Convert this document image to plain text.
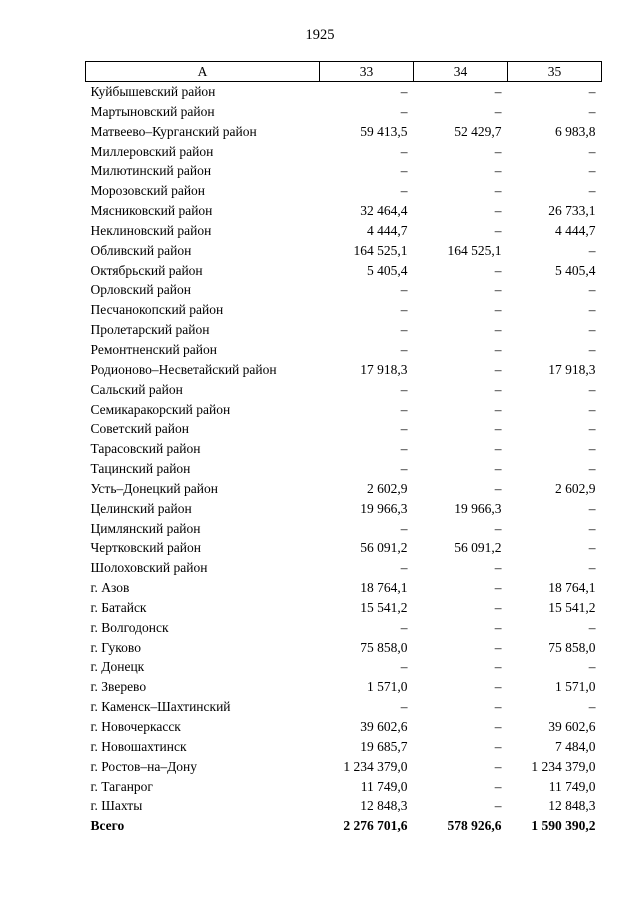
1925
А	33	34	35
Куйбышевский район	–	–	–
Мартыновский район	–	–	–
Матвеево–Курганский район	59 413,5	52 429,7	6 983,8
Миллеровский район	–	–	–
Милютинский район	–	–	–
Морозовский район	–	–	–
Мясниковский район	32 464,4	–	26 733,1
Неклиновский район	4 444,7	–	4 444,7
Обливский район	164 525,1	164 525,1	–
Октябрьский район	5 405,4	–	5 405,4
Орловский район	–	–	–
Песчанокопский район	–	–	–
Пролетарский район	–	–	–
Ремонтненский район	–	–	–
Родионово–Несветайский район	17 918,3	–	17 918,3
Сальский район	–	–	–
Семикаракорский район	–	–	–
Советский район	–	–	–
Тарасовский район	–	–	–
Тацинский район	–	–	–
Усть–Донецкий район	2 602,9	–	2 602,9
Целинский район	19 966,3	19 966,3	–
Цимлянский район	–	–	–
Чертковский район	56 091,2	56 091,2	–
Шолоховский район	–	–	–
г. Азов	18 764,1	–	18 764,1
г. Батайск	15 541,2	–	15 541,2
г. Волгодонск	–	–	–
г. Гуково	75 858,0	–	75 858,0
г. Донецк	–	–	–
г. Зверево	1 571,0	–	1 571,0
г. Каменск–Шахтинский	–	–	–
г. Новочеркасск	39 602,6	–	39 602,6
г. Новошахтинск	19 685,7	–	7 484,0
г. Ростов–на–Дону	1 234 379,0	–	1 234 379,0
г. Таганрог	11 749,0	–	11 749,0
г. Шахты	12 848,3	–	12 848,3
Всего	2 276 701,6	578 926,6	1 590 390,2
